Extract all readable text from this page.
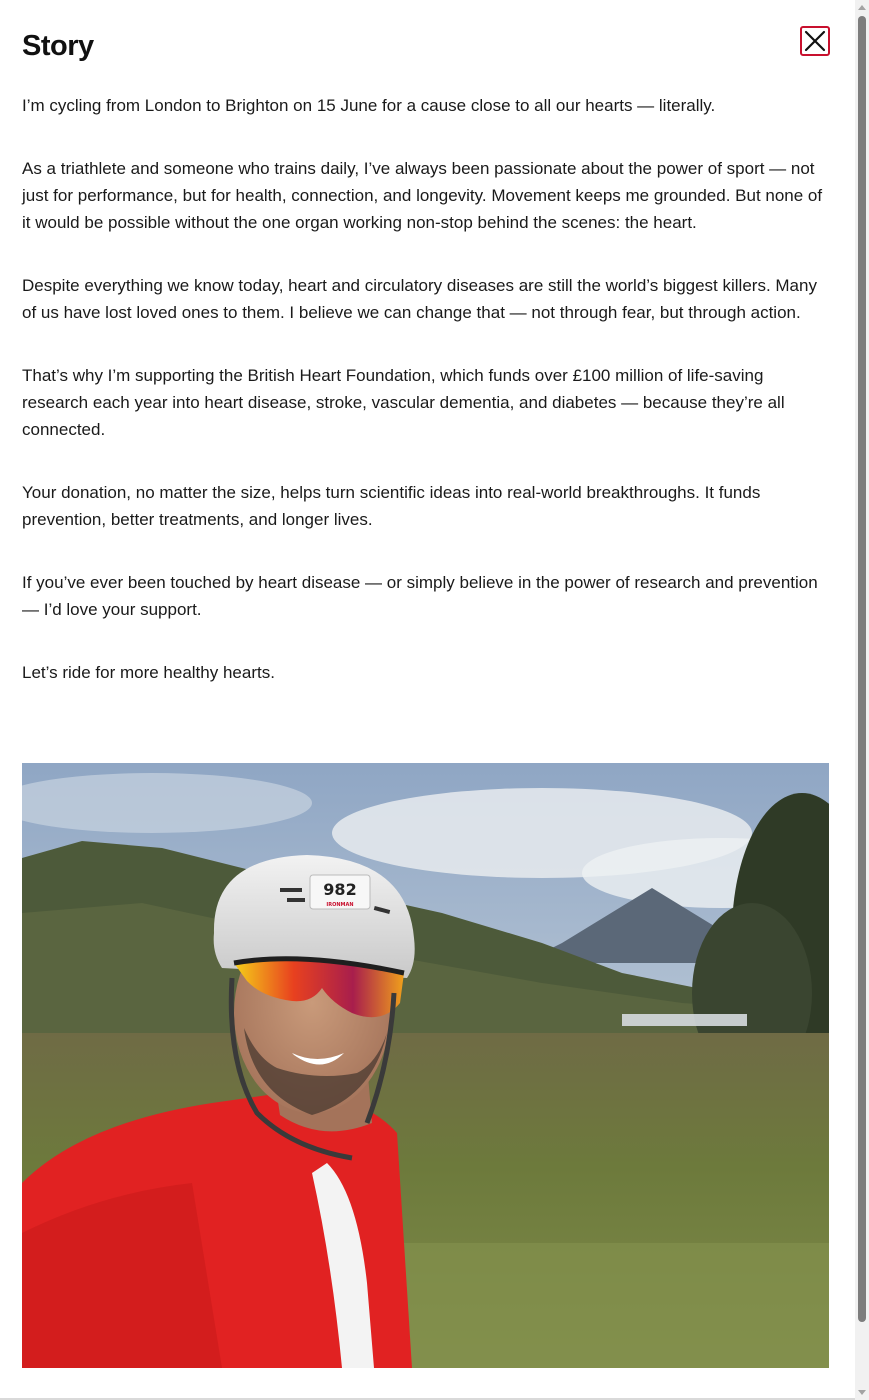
Story

I’m cycling from London to Brighton on 15 June for a cause close to all our hearts — literally.

As a triathlete and someone who trains daily, I’ve always been passionate about the power of sport — not just for performance, but for health, connection, and longevity. Movement keeps me grounded. But none of it would be possible without the one organ working non-stop behind the scenes: the heart.

Despite everything we know today, heart and circulatory diseases are still the world’s biggest killers. Many of us have lost loved ones to them. I believe we can change that — not through fear, but through action.

That’s why I’m supporting the British Heart Foundation, which funds over £100 million of life-saving research each year into heart disease, stroke, vascular dementia, and diabetes — because they’re all connected.

Your donation, no matter the size, helps turn scientific ideas into real-world breakthroughs. It funds prevention, better treatments, and longer lives.

If you’ve ever been touched by heart disease — or simply believe in the power of research and prevention — I’d love your support.

Let’s ride for more healthy hearts.

982
IRONMAN
